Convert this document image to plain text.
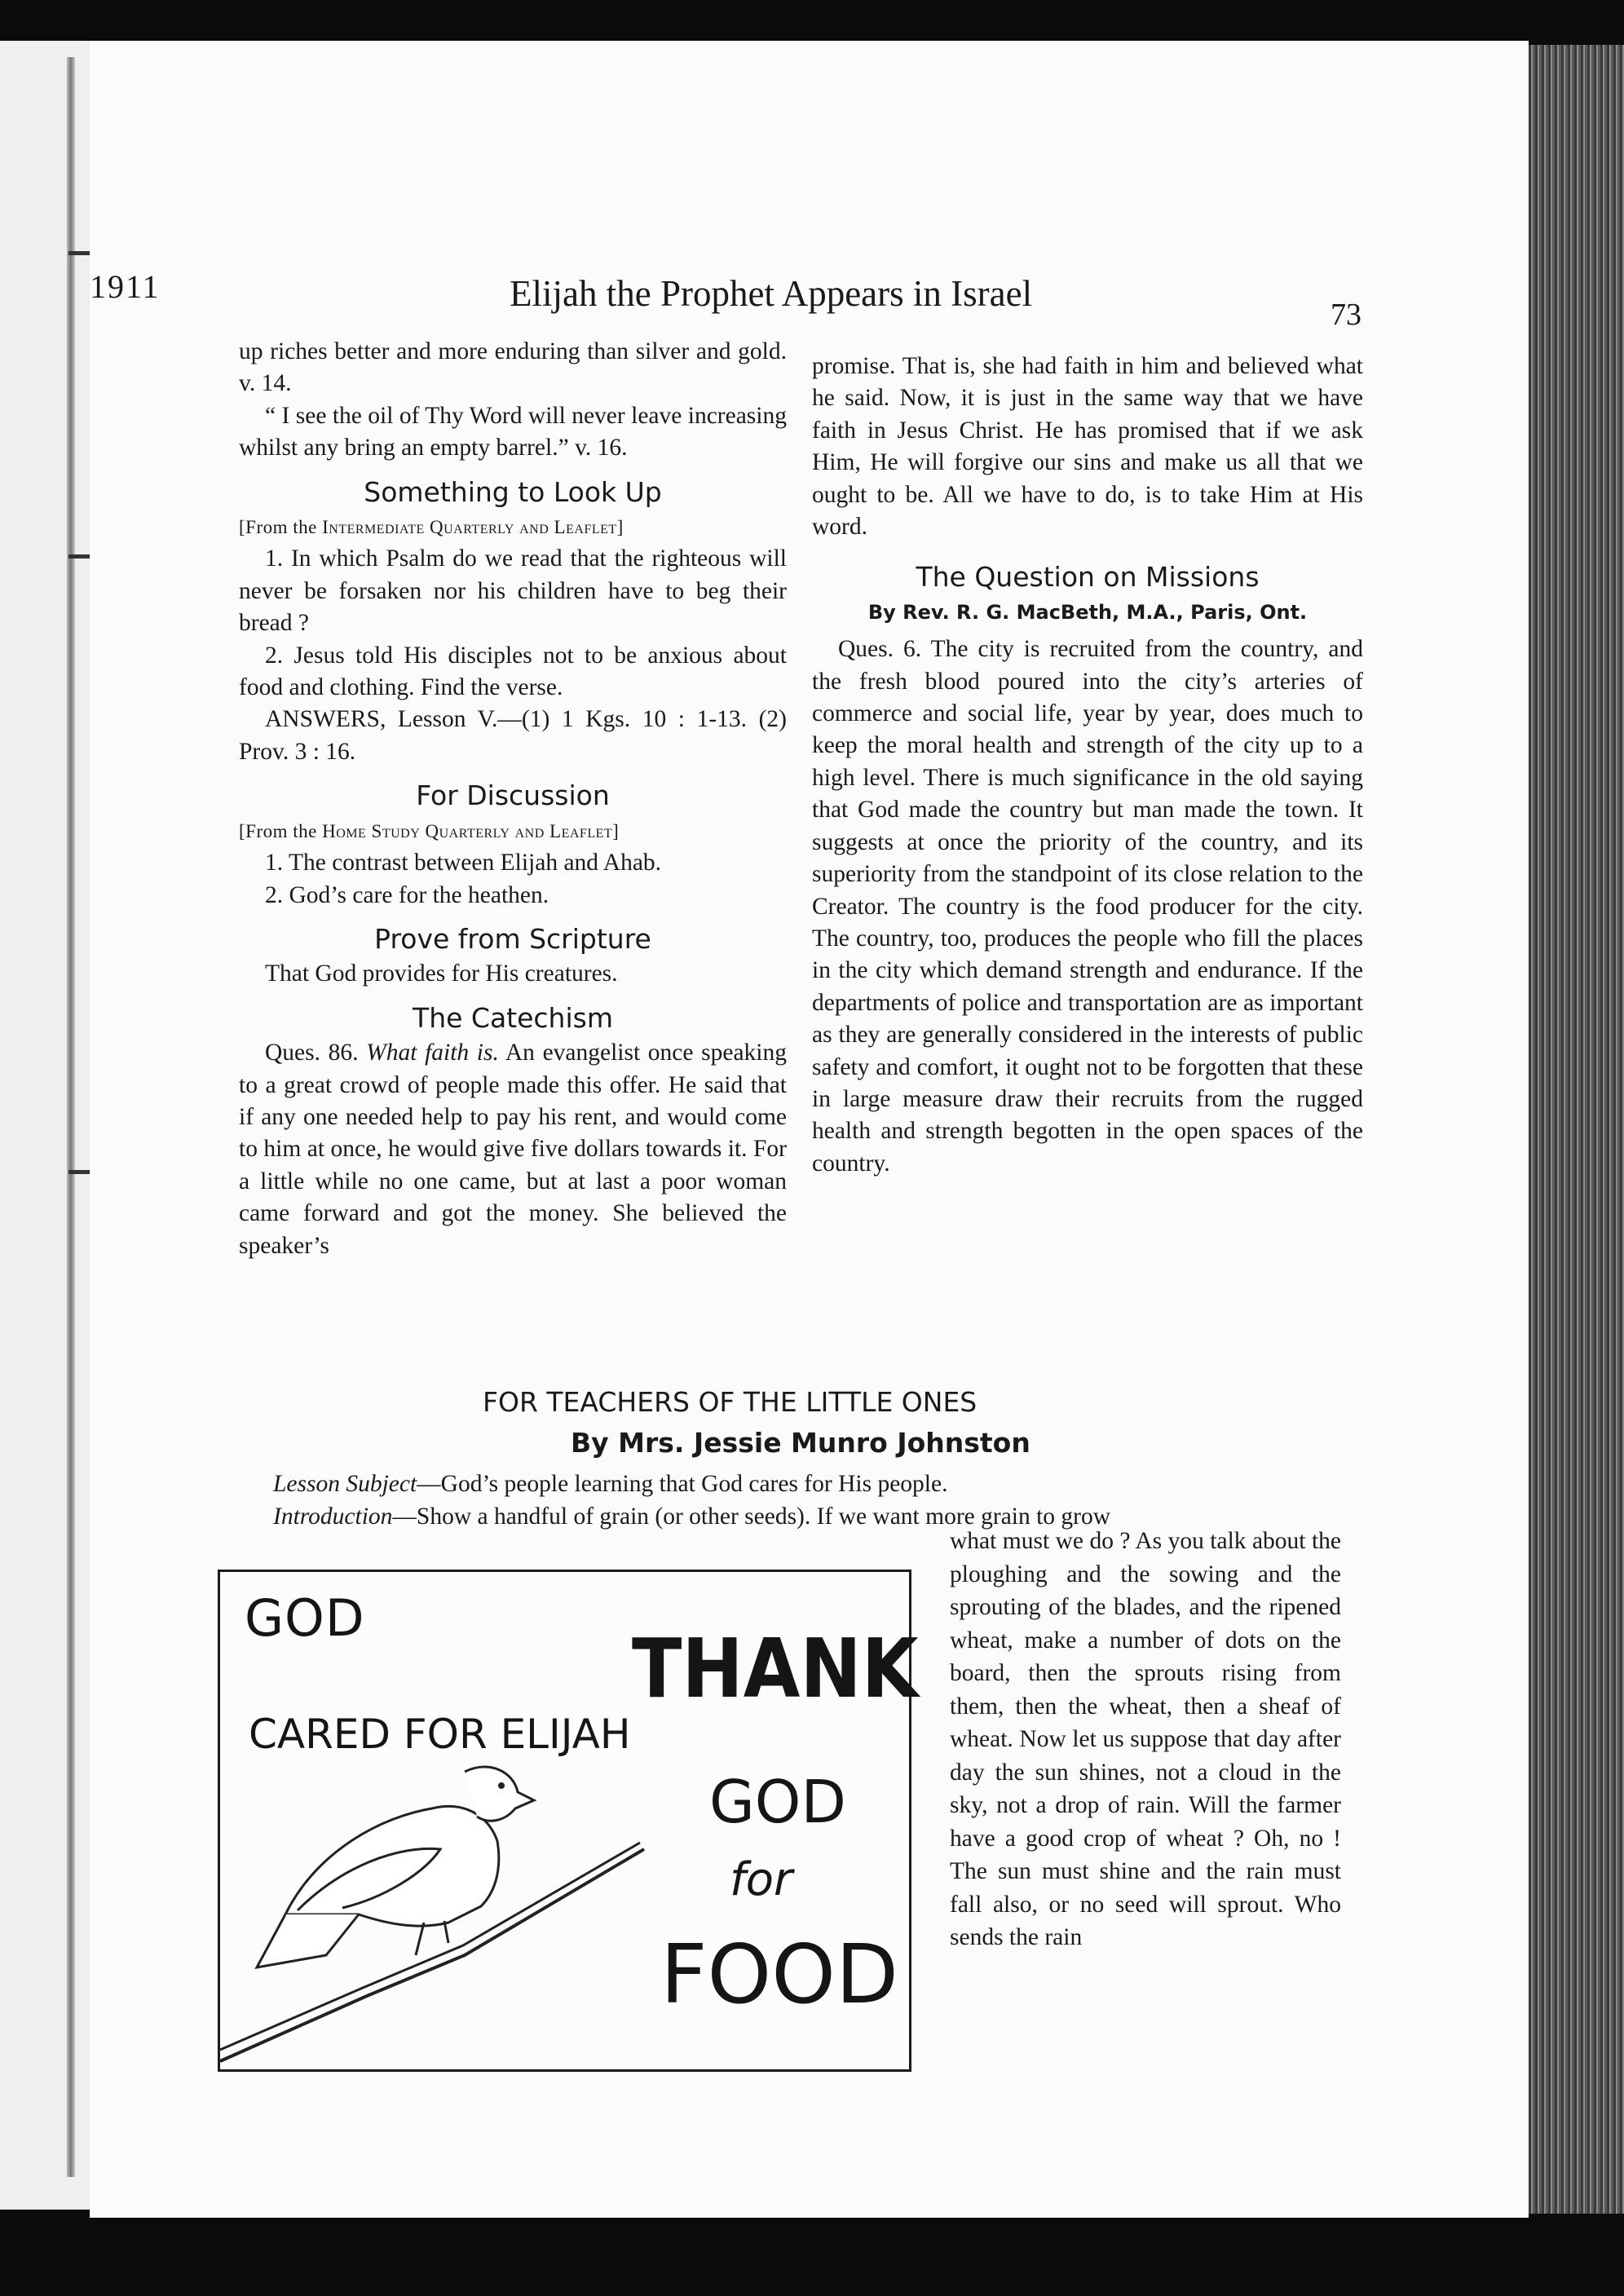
1911	Elijah the Prophet Appears in Israel
73

up riches better and more enduring than silver and gold. v. 14.

“ I see the oil of Thy Word will never leave increasing whilst any bring an empty barrel.” v. 16.

Something to Look Up

[From the Intermediate Quarterly and Leaflet]

1. In which Psalm do we read that the righteous will never be forsaken nor his children have to beg their bread ?

2. Jesus told His disciples not to be anxious about food and clothing. Find the verse.

ANSWERS, Lesson V.—(1) 1 Kgs. 10 : 1-13. (2) Prov. 3 : 16.

For Discussion

[From the Home Study Quarterly and Leaflet]

1. The contrast between Elijah and Ahab.

2. God’s care for the heathen.

Prove from Scripture

That God provides for His creatures.

The Catechism

Ques. 86. What faith is. An evangelist once speaking to a great crowd of people made this offer. He said that if any one needed help to pay his rent, and would come to him at once, he would give five dollars towards it. For a little while no one came, but at last a poor woman came forward and got the money. She believed the speaker’s

promise. That is, she had faith in him and believed what he said. Now, it is just in the same way that we have faith in Jesus Christ. He has promised that if we ask Him, He will forgive our sins and make us all that we ought to be. All we have to do, is to take Him at His word.

The Question on Missions
By Rev. R. G. MacBeth, M.A., Paris, Ont.

Ques. 6. The city is recruited from the country, and the fresh blood poured into the city’s arteries of commerce and social life, year by year, does much to keep the moral health and strength of the city up to a high level. There is much significance in the old saying that God made the country but man made the town. It suggests at once the priority of the country, and its superiority from the standpoint of its close relation to the Creator. The country is the food producer for the city. The country, too, produces the people who fill the places in the city which demand strength and endurance. If the departments of police and transportation are as important as they are generally considered in the interests of public safety and comfort, it ought not to be forgotten that these in large measure draw their recruits from the rugged health and strength begotten in the open spaces of the country.

FOR TEACHERS OF THE LITTLE ONES
By Mrs. Jessie Munro Johnston

Lesson Subject—God’s people learning that God cares for His people.

Introduction—Show a handful of grain (or other seeds). If we want more grain to grow

GOD
THANK
CARED FOR ELIJAH
GOD
for
FOOD

what must we do ? As you talk about the ploughing and the sowing and the sprouting of the blades, and the ripened wheat, make a number of dots on the board, then the sprouts rising from them, then the wheat, then a sheaf of wheat. Now let us suppose that day after day the sun shines, not a cloud in the sky, not a drop of rain. Will the farmer have a good crop of wheat ? Oh, no ! The sun must shine and the rain must fall also, or no seed will sprout. Who sends the rain
